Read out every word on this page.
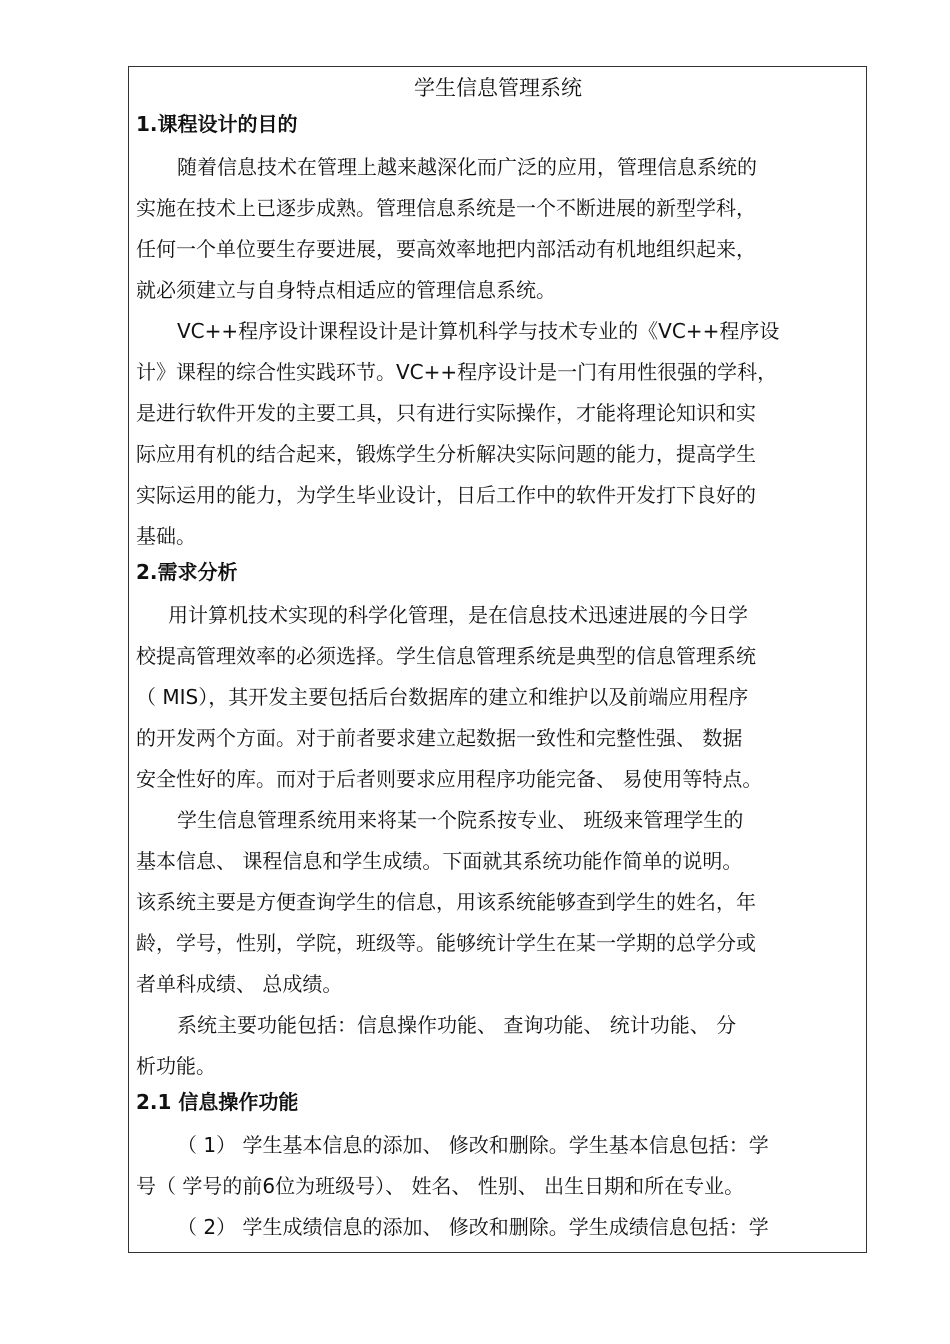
学生信息管理系统
1.课程设计的目的

随着信息技术在管理上越来越深化而广泛的应用，管理信息系统的
实施在技术上已逐步成熟。管理信息系统是一个不断进展的新型学科，
任何一个单位要生存要进展，要高效率地把内部活动有机地组织起来，
就必须建立与自身特点相适应的管理信息系统。

VC++程序设计课程设计是计算机科学与技术专业的《VC++程序设
计》课程的综合性实践环节。VC++程序设计是一门有用性很强的学科，
是进行软件开发的主要工具，只有进行实际操作，才能将理论知识和实
际应用有机的结合起来，锻炼学生分析解决实际问题的能力，提高学生
实际运用的能力，为学生毕业设计，日后工作中的软件开发打下良好的
基础。

2.需求分析

用计算机技术实现的科学化管理，是在信息技术迅速进展的今日学
校提高管理效率的必须选择。学生信息管理系统是典型的信息管理系统
（ MIS），其开发主要包括后台数据库的建立和维护以及前端应用程序
的开发两个方面。对于前者要求建立起数据一致性和完整性强、 数据
安全性好的库。而对于后者则要求应用程序功能完备、 易使用等特点。

学生信息管理系统用来将某一个院系按专业、 班级来管理学生的
基本信息、 课程信息和学生成绩。下面就其系统功能作简单的说明。
该系统主要是方便查询学生的信息，用该系统能够查到学生的姓名，年
龄，学号，性别，学院，班级等。能够统计学生在某一学期的总学分或
者单科成绩、 总成绩。

系统主要功能包括：信息操作功能、 查询功能、 统计功能、 分
析功能。

2.1 信息操作功能

（ 1） 学生基本信息的添加、 修改和删除。学生基本信息包括：学
号（ 学号的前6位为班级号）、 姓名、 性别、 出生日期和所在专业。

（ 2） 学生成绩信息的添加、 修改和删除。学生成绩信息包括：学
